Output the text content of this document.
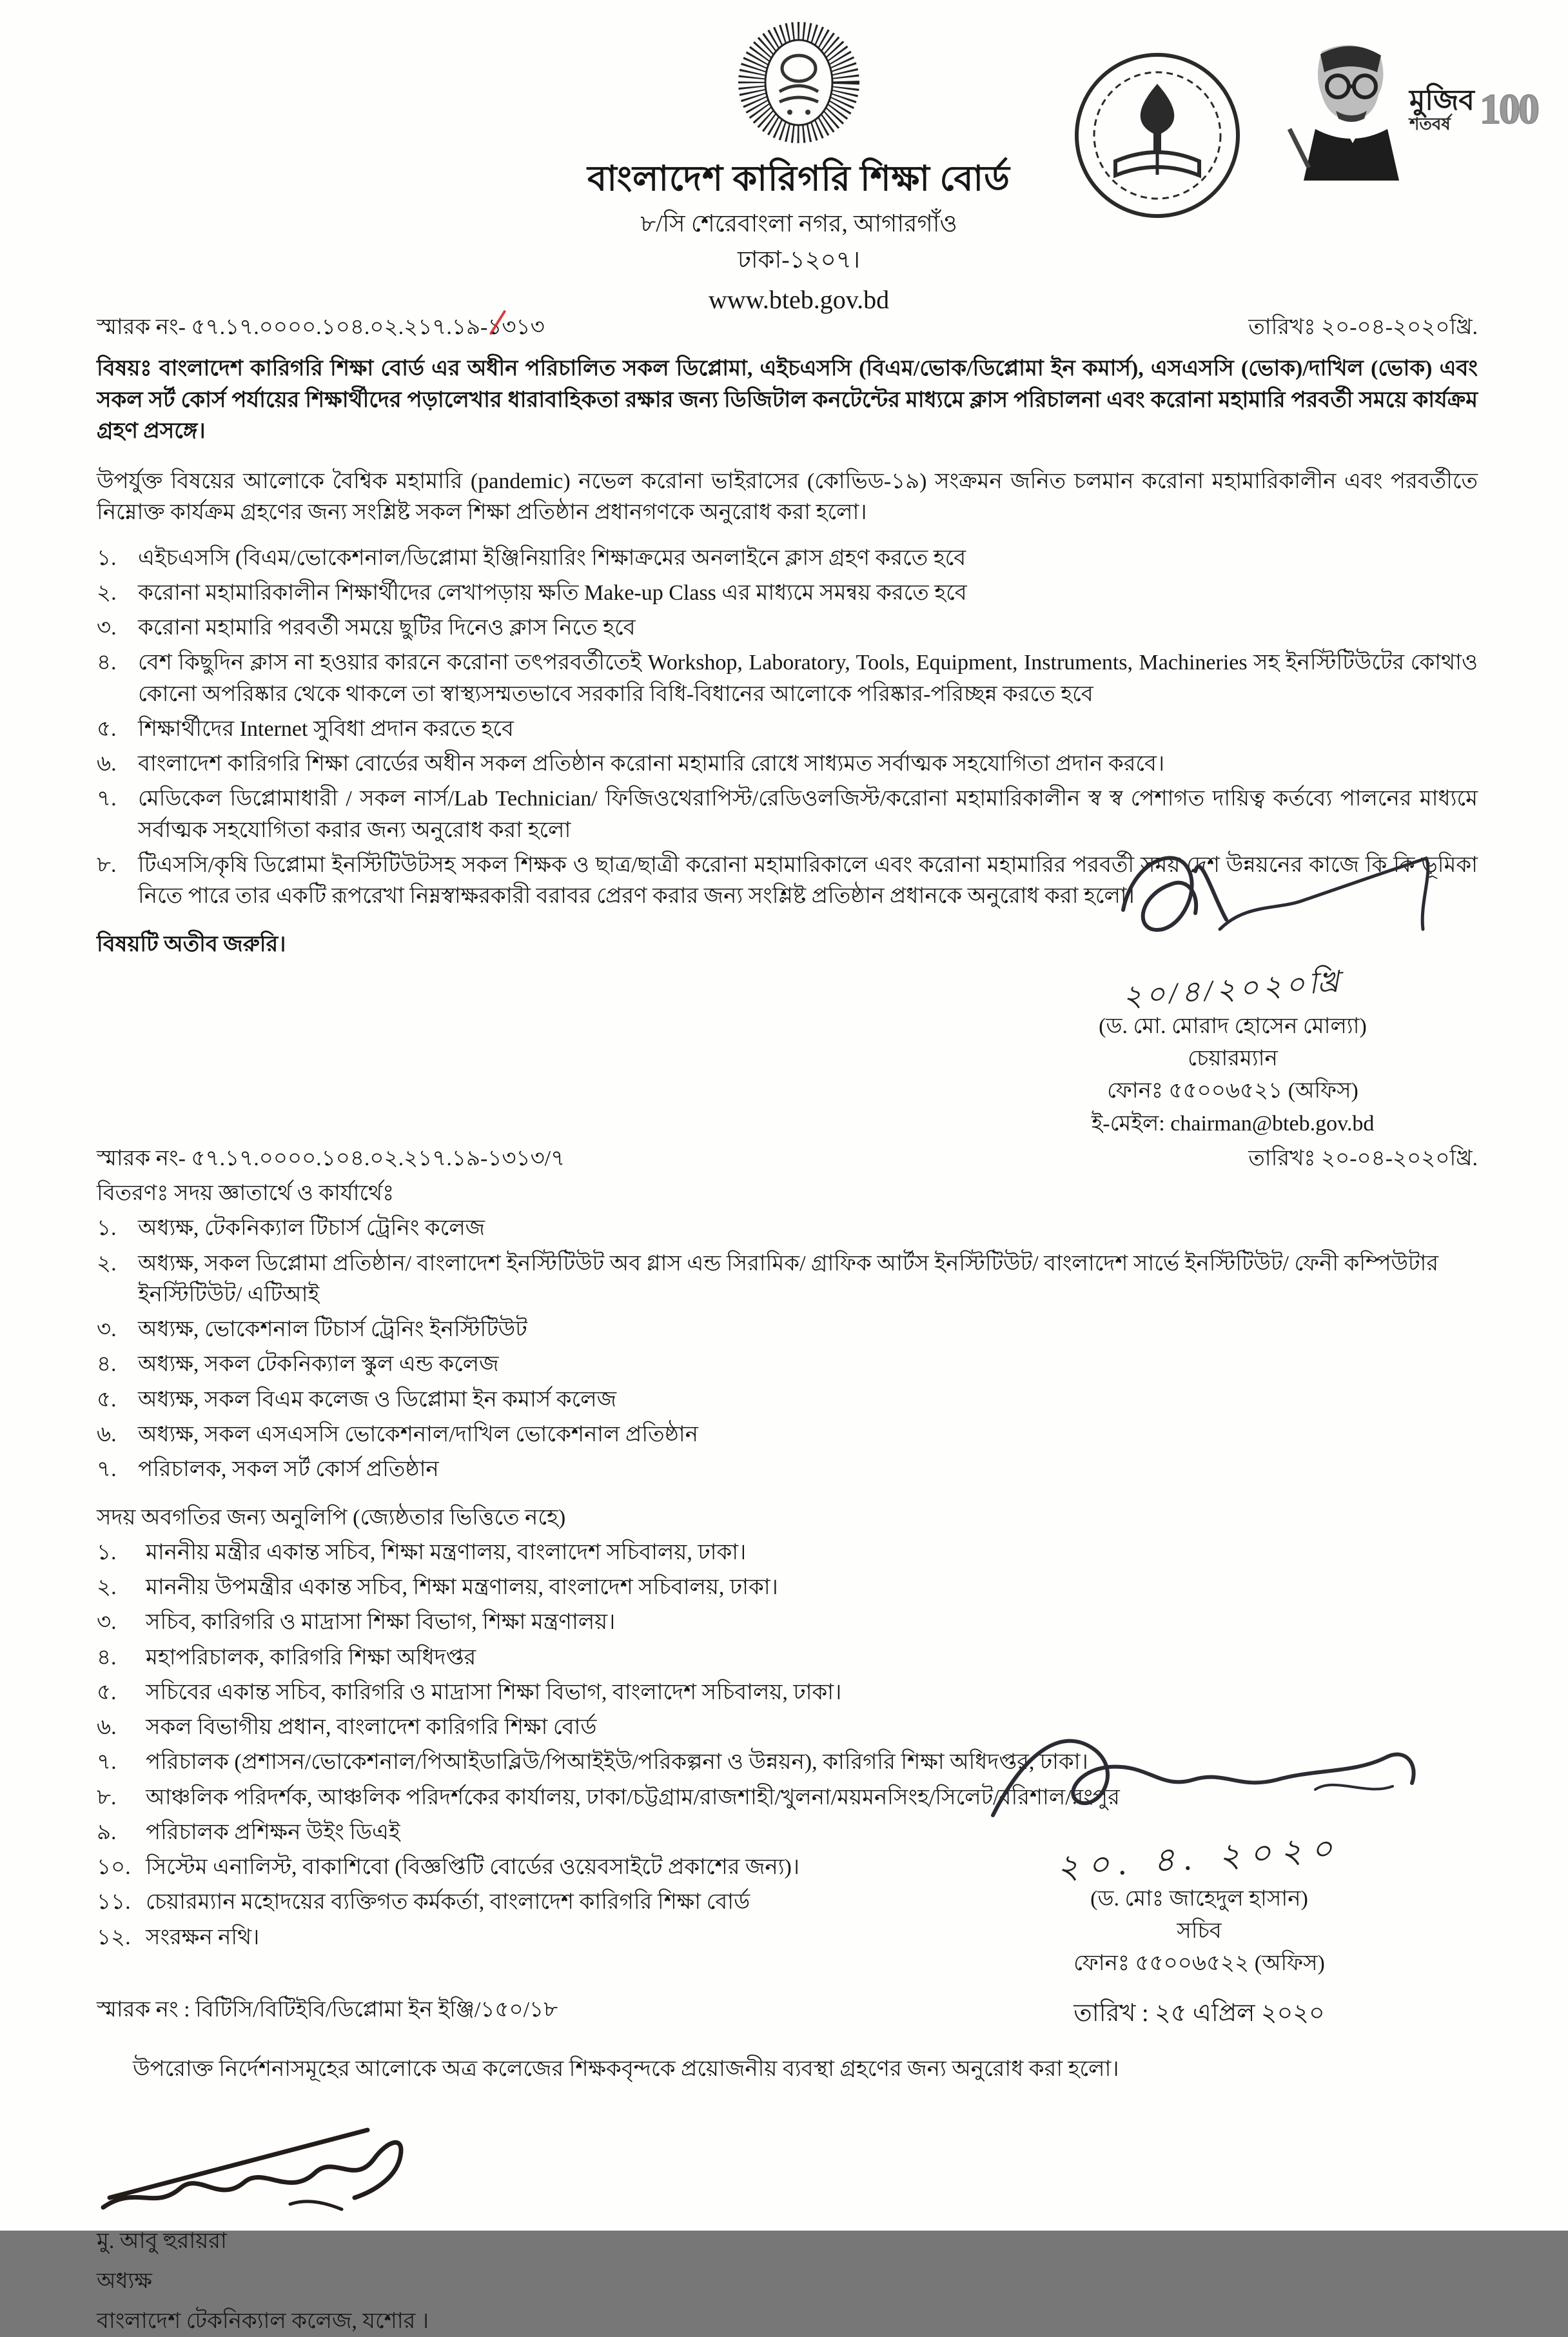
বাংলাদেশ কারিগরি শিক্ষা বোর্ড
৮/সি শেরেবাংলা নগর, আগারগাঁও
ঢাকা-১২০৭।
www.bteb.gov.bd
মুজিব
শতবর্ষ 100
স্মারক নং- ৫৭.১৭.০০০০.১০৪.০২.২১৭.১৯-১৩১৩	তারিখঃ ২০-০৪-২০২০খ্রি.

বিষয়ঃ বাংলাদেশ কারিগরি শিক্ষা বোর্ড এর অধীন পরিচালিত সকল ডিপ্লোমা, এইচএসসি (বিএম/ভোক/ডিপ্লোমা ইন কমার্স), এসএসসি (ভোক)/দাখিল (ভোক) এবং সকল সর্ট কোর্স পর্যায়ের শিক্ষার্থীদের পড়ালেখার ধারাবাহিকতা রক্ষার জন্য ডিজিটাল কনটেন্টের মাধ্যমে ক্লাস পরিচালনা এবং করোনা মহামারি পরবর্তী সময়ে কার্যক্রম গ্রহণ প্রসঙ্গে।

উপর্যুক্ত বিষয়ের আলোকে বৈশ্বিক মহামারি (pandemic) নভেল করোনা ভাইরাসের (কোভিড-১৯) সংক্রমন জনিত চলমান করোনা মহামারিকালীন এবং পরবর্তীতে নিম্নোক্ত কার্যক্রম গ্রহণের জন্য সংশ্লিষ্ট সকল শিক্ষা প্রতিষ্ঠান প্রধানগণকে অনুরোধ করা হলো।

১. এইচএসসি (বিএম/ভোকেশনাল/ডিপ্লোমা ইঞ্জিনিয়ারিং শিক্ষাক্রমের অনলাইনে ক্লাস গ্রহণ করতে হবে
২. করোনা মহামারিকালীন শিক্ষার্থীদের লেখাপড়ায় ক্ষতি Make-up Class এর মাধ্যমে সমন্বয় করতে হবে
৩. করোনা মহামারি পরবর্তী সময়ে ছুটির দিনেও ক্লাস নিতে হবে
৪. বেশ কিছুদিন ক্লাস না হওয়ার কারনে করোনা তৎপরবর্তীতেই Workshop, Laboratory, Tools, Equipment, Instruments, Machineries সহ ইনস্টিটিউটের কোথাও কোনো অপরিষ্কার থেকে থাকলে তা স্বাস্থ্যসম্মতভাবে সরকারি বিধি-বিধানের আলোকে পরিষ্কার-পরিচ্ছন্ন করতে হবে
৫. শিক্ষার্থীদের Internet সুবিধা প্রদান করতে হবে
৬. বাংলাদেশ কারিগরি শিক্ষা বোর্ডের অধীন সকল প্রতিষ্ঠান করোনা মহামারি রোধে সাধ্যমত সর্বাত্মক সহযোগিতা প্রদান করবে।
৭. মেডিকেল ডিপ্লোমাধারী / সকল নার্স/Lab Technician/ ফিজিওথেরাপিস্ট/রেডিওলজিস্ট/করোনা মহামারিকালীন স্ব স্ব পেশাগত দায়িত্ব কর্তব্যে পালনের মাধ্যমে সর্বাত্মক সহযোগিতা করার জন্য অনুরোধ করা হলো
৮. টিএসসি/কৃষি ডিপ্লোমা ইনস্টিটিউটসহ সকল শিক্ষক ও ছাত্র/ছাত্রী করোনা মহামারিকালে এবং করোনা মহামারির পরবর্তী সময় দেশ উন্নয়নের কাজে কি কি ভূমিকা নিতে পারে তার একটি রূপরেখা নিম্নস্বাক্ষরকারী বরাবর প্রেরণ করার জন্য সংশ্লিষ্ট প্রতিষ্ঠান প্রধানকে অনুরোধ করা হলো।
বিষয়টি অতীব জরুরি।
২০/৪/২০২০খ্রি
(ড. মো. মোরাদ হোসেন মোল্যা)
চেয়ারম্যান
ফোনঃ ৫৫০০৬৫২১ (অফিস)
ই-মেইল: chairman@bteb.gov.bd
স্মারক নং- ৫৭.১৭.০০০০.১০৪.০২.২১৭.১৯-১৩১৩/৭	তারিখঃ ২০-০৪-২০২০খ্রি.
বিতরণঃ সদয় জ্ঞাতার্থে ও কার্যার্থেঃ
১. অধ্যক্ষ, টেকনিক্যাল টিচার্স ট্রেনিং কলেজ
২. অধ্যক্ষ, সকল ডিপ্লোমা প্রতিষ্ঠান/ বাংলাদেশ ইনস্টিটিউট অব গ্লাস এন্ড সিরামিক/ গ্রাফিক আর্টস ইনস্টিটিউট/ বাংলাদেশ সার্ভে ইনস্টিটিউট/ ফেনী কম্পিউটার ইনস্টিটিউট/ এটিআই
৩. অধ্যক্ষ, ভোকেশনাল টিচার্স ট্রেনিং ইনস্টিটিউট
৪. অধ্যক্ষ, সকল টেকনিক্যাল স্কুল এন্ড কলেজ
৫. অধ্যক্ষ, সকল বিএম কলেজ ও ডিপ্লোমা ইন কমার্স কলেজ
৬. অধ্যক্ষ, সকল এসএসসি ভোকেশনাল/দাখিল ভোকেশনাল প্রতিষ্ঠান
৭. পরিচালক, সকল সর্ট কোর্স প্রতিষ্ঠান
সদয় অবগতির জন্য অনুলিপি (জ্যেষ্ঠতার ভিত্তিতে নহে)
১.	মাননীয় মন্ত্রীর একান্ত সচিব, শিক্ষা মন্ত্রণালয়, বাংলাদেশ সচিবালয়, ঢাকা।
২.	মাননীয় উপমন্ত্রীর একান্ত সচিব, শিক্ষা মন্ত্রণালয়, বাংলাদেশ সচিবালয়, ঢাকা।
৩.	সচিব, কারিগরি ও মাদ্রাসা শিক্ষা বিভাগ, শিক্ষা মন্ত্রণালয়।
৪.	মহাপরিচালক, কারিগরি শিক্ষা অধিদপ্তর
৫.	সচিবের একান্ত সচিব, কারিগরি ও মাদ্রাসা শিক্ষা বিভাগ, বাংলাদেশ সচিবালয়, ঢাকা।
৬.	সকল বিভাগীয় প্রধান, বাংলাদেশ কারিগরি শিক্ষা বোর্ড
৭.	পরিচালক (প্রশাসন/ভোকেশনাল/পিআইডাব্লিউ/পিআইইউ/পরিকল্পনা ও উন্নয়ন), কারিগরি শিক্ষা অধিদপ্তর, ঢাকা।
৮.	আঞ্চলিক পরিদর্শক, আঞ্চলিক পরিদর্শকের কার্যালয়, ঢাকা/চট্টগ্রাম/রাজশাহী/খুলনা/ময়মনসিংহ/সিলেট/বরিশাল/রংপুর
৯.	পরিচালক প্রশিক্ষন উইং ডিএই
১০. সিস্টেম এনালিস্ট, বাকাশিবো (বিজ্ঞপ্তিটি বোর্ডের ওয়েবসাইটে প্রকাশের জন্য)।
১১. চেয়ারম্যান মহোদয়ের ব্যক্তিগত কর্মকর্তা, বাংলাদেশ কারিগরি শিক্ষা বোর্ড
১২. সংরক্ষন নথি।
২০. ৪. ২০২০
(ড. মোঃ জাহেদুল হাসান)
সচিব
ফোনঃ ৫৫০০৬৫২২ (অফিস)
তারিখ : ২৫ এপ্রিল ২০২০
স্মারক নং : বিটিসি/বিটিইবি/ডিপ্লোমা ইন ইঞ্জি/১৫০/১৮

উপরোক্ত নির্দেশনাসমূহের আলোকে অত্র কলেজের শিক্ষকবৃন্দকে প্রয়োজনীয় ব্যবস্থা গ্রহণের জন্য অনুরোধ করা হলো।

মু. আবু হুরায়রা
অধ্যক্ষ
বাংলাদেশ টেকনিক্যাল কলেজ, যশোর ।
